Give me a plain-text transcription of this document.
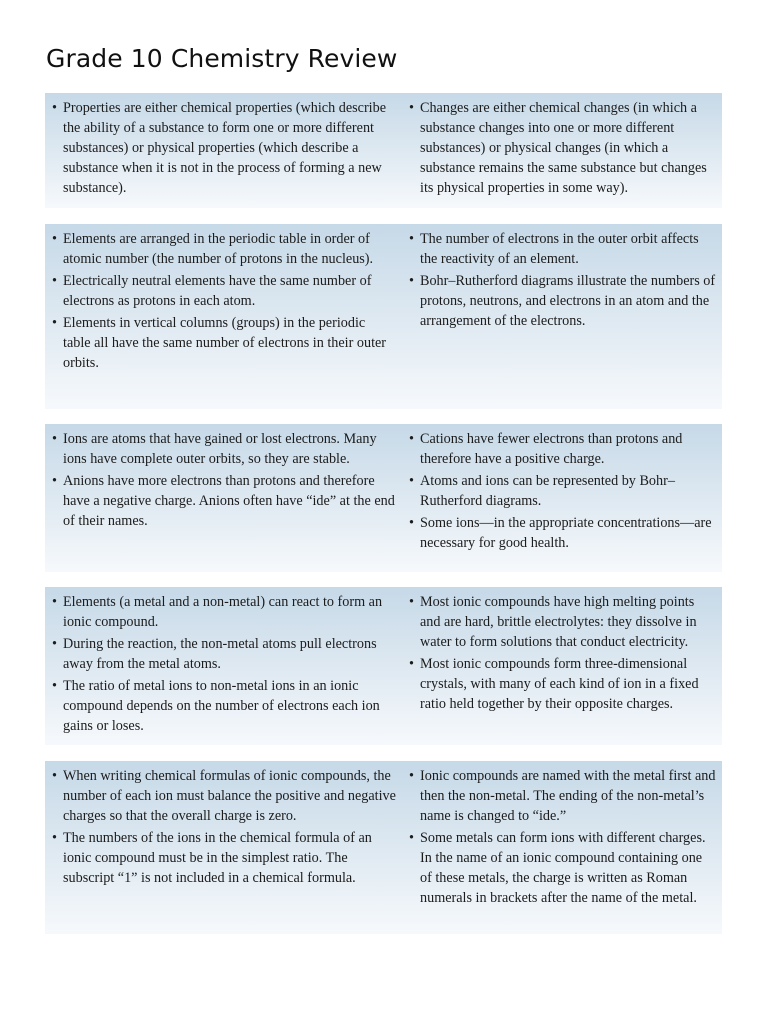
Grade 10 Chemistry Review
• Properties are either chemical properties (which describe the ability of a substance to form one or more different substances) or physical properties (which describe a substance when it is not in the process of forming a new substance).
• Changes are either chemical changes (in which a substance changes into one or more different substances) or physical changes (in which a substance remains the same substance but changes its physical properties in some way).
• Elements are arranged in the periodic table in order of atomic number (the number of protons in the nucleus).
• Electrically neutral elements have the same number of electrons as protons in each atom.
• Elements in vertical columns (groups) in the periodic table all have the same number of electrons in their outer orbits.
• The number of electrons in the outer orbit affects the reactivity of an element.
• Bohr–Rutherford diagrams illustrate the numbers of protons, neutrons, and electrons in an atom and the arrangement of the electrons.
• Ions are atoms that have gained or lost electrons. Many ions have complete outer orbits, so they are stable.
• Anions have more electrons than protons and therefore have a negative charge. Anions often have “ide” at the end of their names.
• Cations have fewer electrons than protons and therefore have a positive charge.
• Atoms and ions can be represented by Bohr–Rutherford diagrams.
• Some ions—in the appropriate concentrations—are necessary for good health.
• Elements (a metal and a non-metal) can react to form an ionic compound.
• During the reaction, the non-metal atoms pull electrons away from the metal atoms.
• The ratio of metal ions to non-metal ions in an ionic compound depends on the number of electrons each ion gains or loses.
• Most ionic compounds have high melting points and are hard, brittle electrolytes: they dissolve in water to form solutions that conduct electricity.
• Most ionic compounds form three-dimensional crystals, with many of each kind of ion in a fixed ratio held together by their opposite charges.
• When writing chemical formulas of ionic compounds, the number of each ion must balance the positive and negative charges so that the overall charge is zero.
• The numbers of the ions in the chemical formula of an ionic compound must be in the simplest ratio. The subscript “1” is not included in a chemical formula.
• Ionic compounds are named with the metal first and then the non-metal. The ending of the non-metal’s name is changed to “ide.”
• Some metals can form ions with different charges. In the name of an ionic compound containing one of these metals, the charge is written as Roman numerals in brackets after the name of the metal.
